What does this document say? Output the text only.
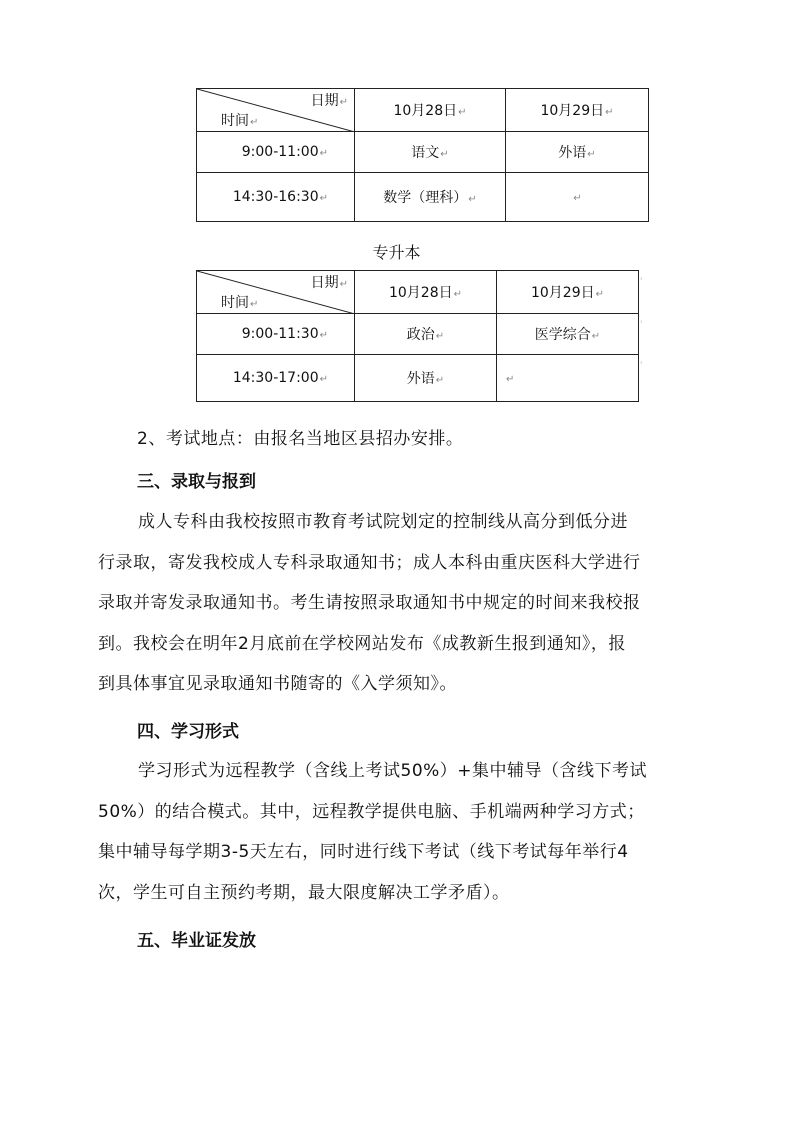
日期↵
时间↵	10月28日↵	10月29日↵
9:00-11:00↵	语文↵	外语↵
14:30-16:30↵	数学（理科）↵	↵
专升本
日期↵
时间↵	10月28日↵	10月29日↵
9:00-11:30↵	政治↵	医学综合↵
14:30-17:00↵	外语↵	↵
'
'
'
2、考试地点：由报名当地区县招办安排。
三、录取与报到
成人专科由我校按照市教育考试院划定的控制线从高分到低分进
行录取，寄发我校成人专科录取通知书；成人本科由重庆医科大学进行
录取并寄发录取通知书。考生请按照录取通知书中规定的时间来我校报
到。我校会在明年2月底前在学校网站发布《成教新生报到通知》，报
到具体事宜见录取通知书随寄的《入学须知》。
四、学习形式
学习形式为远程教学（含线上考试50%）+集中辅导（含线下考试
50%）的结合模式。其中，远程教学提供电脑、手机端两种学习方式；
集中辅导每学期3-5天左右，同时进行线下考试（线下考试每年举行4
次，学生可自主预约考期，最大限度解决工学矛盾）。
五、毕业证发放
